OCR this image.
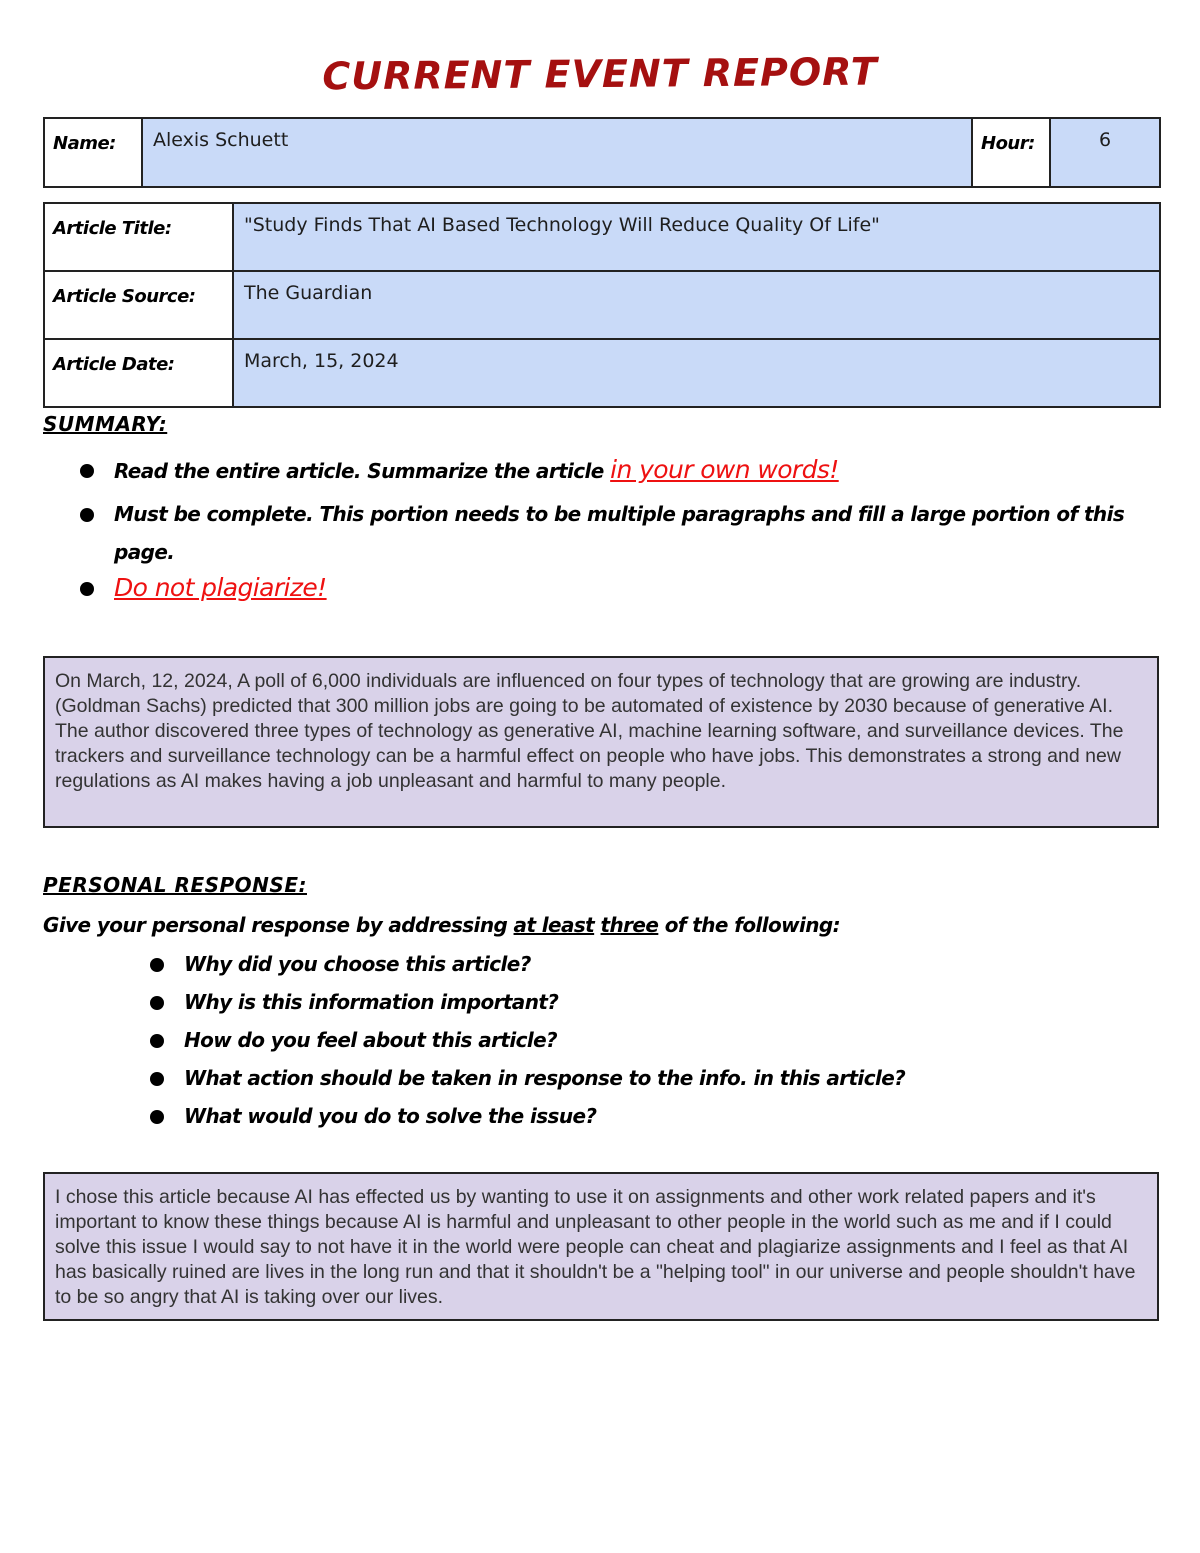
CURRENT EVENT REPORT
Name:	Alexis Schuett	Hour:	6
Article Title:	"Study Finds That AI Based Technology Will Reduce Quality Of Life"
Article Source:	The Guardian
Article Date:	March, 15, 2024
SUMMARY:
Read the entire article. Summarize the article in your own words!
Must be complete. This portion needs to be multiple paragraphs and fill a large portion of this page.
Do not plagiarize!
On March, 12, 2024, A poll of 6,000 individuals are influenced on four types of technology that are growing are industry. (Goldman Sachs) predicted that 300 million jobs are going to be automated of existence by 2030 because of generative AI. The author discovered three types of technology as generative AI, machine learning software, and surveillance devices. The trackers and surveillance technology can be a harmful effect on people who have jobs. This demonstrates a strong and new regulations as AI makes having a job unpleasant and harmful to many people.
PERSONAL RESPONSE:
Give your personal response by addressing at least three of the following:
Why did you choose this article?
Why is this information important?
How do you feel about this article?
What action should be taken in response to the info. in this article?
What would you do to solve the issue?
I chose this article because AI has effected us by wanting to use it on assignments and other work related papers and it's important to know these things because AI is harmful and unpleasant to other people in the world such as me and if I could solve this issue I would say to not have it in the world were people can cheat and plagiarize assignments and I feel as that AI has basically ruined are lives in the long run and that it shouldn't be a "helping tool" in our universe and people shouldn't have to be so angry that AI is taking over our lives.
